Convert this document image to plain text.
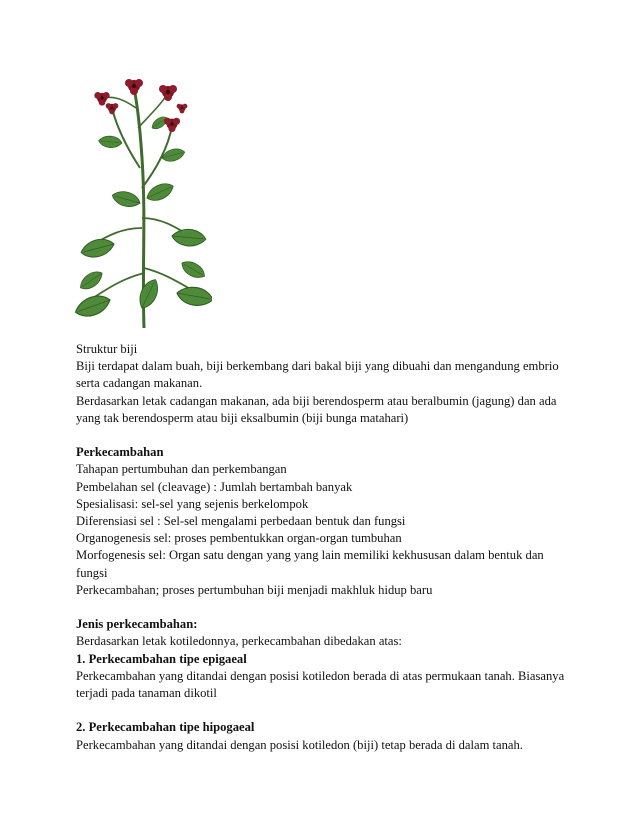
Struktur biji
Biji terdapat dalam buah, biji berkembang dari bakal biji yang dibuahi dan mengandung embrio
serta cadangan makanan.
Berdasarkan letak cadangan makanan, ada biji berendosperm atau beralbumin (jagung) dan ada
yang tak berendosperm atau biji eksalbumin (biji bunga matahari)
Perkecambahan
Tahapan pertumbuhan dan perkembangan
Pembelahan sel (cleavage) : Jumlah bertambah banyak
Spesialisasi: sel-sel yang sejenis berkelompok
Diferensiasi sel : Sel-sel mengalami perbedaan bentuk dan fungsi
Organogenesis sel: proses pembentukkan organ-organ tumbuhan
Morfogenesis sel: Organ satu dengan yang yang lain memiliki kekhususan dalam bentuk dan
fungsi
Perkecambahan; proses pertumbuhan biji menjadi makhluk hidup baru
Jenis perkecambahan:
Berdasarkan letak kotiledonnya, perkecambahan dibedakan atas:
1. Perkecambahan tipe epigaeal
Perkecambahan yang ditandai dengan posisi kotiledon berada di atas permukaan tanah. Biasanya
terjadi pada tanaman dikotil
2. Perkecambahan tipe hipogaeal
Perkecambahan yang ditandai dengan posisi kotiledon (biji) tetap berada di dalam tanah.
